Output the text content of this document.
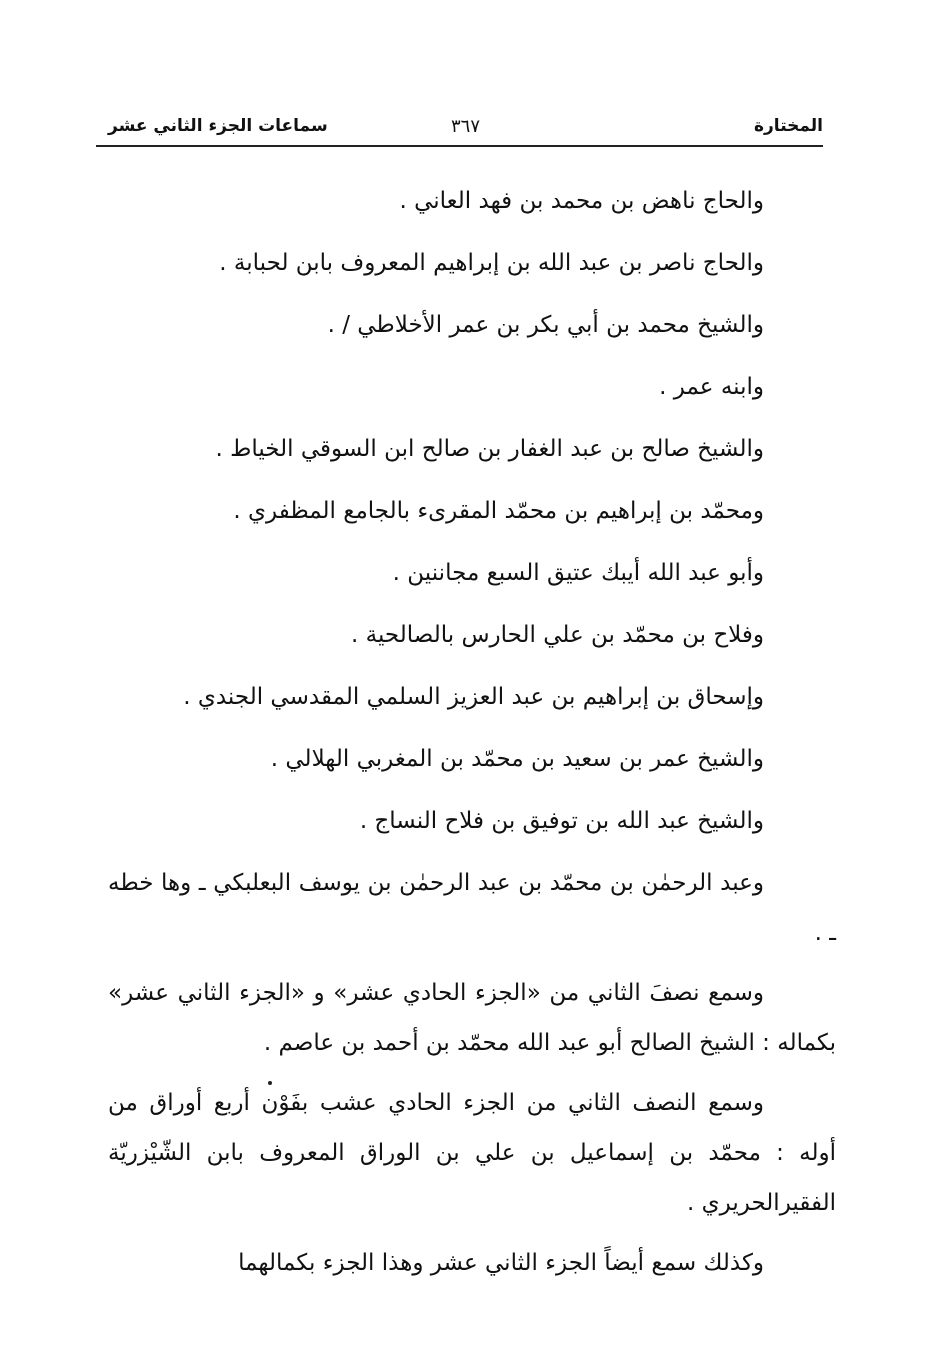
المختارة
٣٦٧
سماعات الجزء الثاني عشر
والحاج ناهض بن محمد بن فهد العاني .
والحاج ناصر بن عبد الله بن إبراهيم المعروف بابن لحبابة .
والشيخ محمد بن أبي بكر بن عمر الأخلاطي / .
وابنه عمر .
والشيخ صالح بن عبد الغفار بن صالح ابن السوقي الخياط .
ومحمّد بن إبراهيم بن محمّد المقرىء بالجامع المظفري .
وأبو عبد الله أيبك عتيق السبع مجاننين .
وفلاح بن محمّد بن علي الحارس بالصالحية .
وإسحاق بن إبراهيم بن عبد العزيز السلمي المقدسي الجندي .
والشيخ عمر بن سعيد بن محمّد بن المغربي الهلالي .
والشيخ عبد الله بن توفيق بن فلاح النساج .
وعبد الرحمٰن بن محمّد بن عبد الرحمٰن بن يوسف البعلبكي ـ وها خطه ـ .
وسمع نصفَ الثاني من «الجزء الحادي عشر» و «الجزء الثاني عشر» بكماله : الشيخ الصالح أبو عبد الله محمّد بن أحمد بن عاصم .
وسمع النصف الثاني من الجزء الحادي عشب بفَوْن أربع أوراق من أوله : محمّد بن إسماعيل بن علي بن الوراق المعروف بابن الشّيْزريّة الفقيرالحريري .
وكذلك سمع أيضاً الجزء الثاني عشر وهذا الجزء بكمالهما
